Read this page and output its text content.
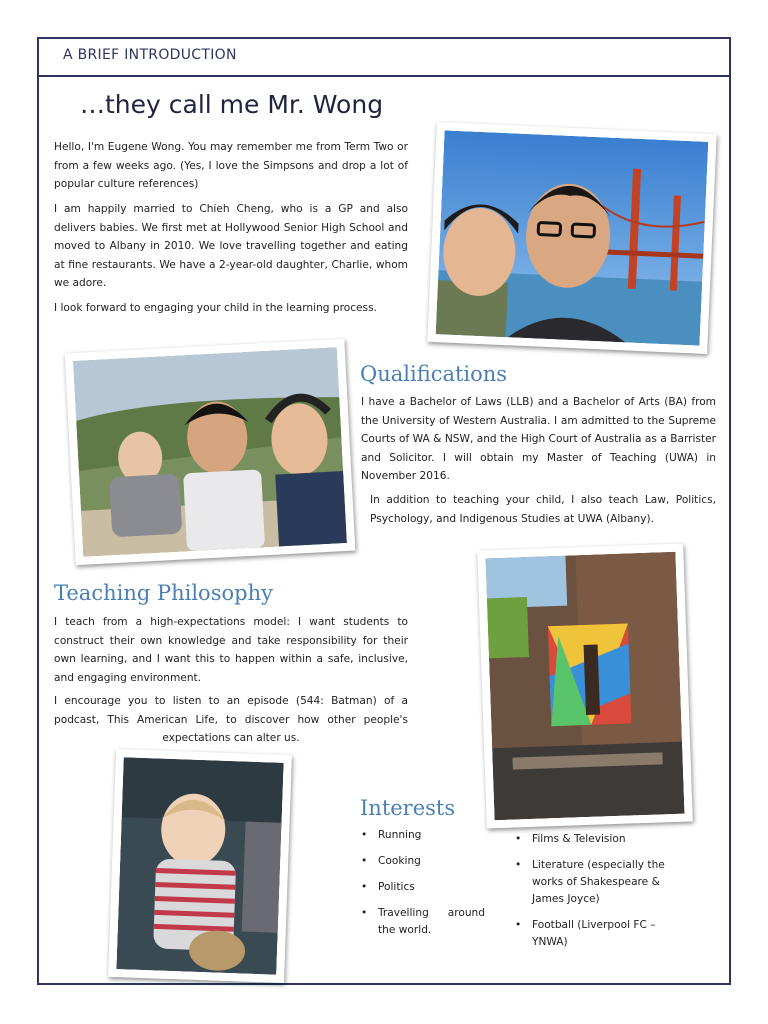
A BRIEF INTRODUCTION
…they call me Mr. Wong

Hello, I'm Eugene Wong. You may remember me from Term Two or from a few weeks ago. (Yes, I love the Simpsons and drop a lot of popular culture references)

I am happily married to Chieh Cheng, who is a GP and also delivers babies. We first met at Hollywood Senior High School and moved to Albany in 2010. We love travelling together and eating at fine restaurants. We have a 2-year-old daughter, Charlie, whom we adore.

I look forward to engaging your child in the learning process.

Qualifications

I have a Bachelor of Laws (LLB) and a Bachelor of Arts (BA) from the University of Western Australia. I am admitted to the Supreme Courts of WA & NSW, and the High Court of Australia as a Barrister and Solicitor. I will obtain my Master of Teaching (UWA) in November 2016.

In addition to teaching your child, I also teach Law, Politics, Psychology, and Indigenous Studies at UWA (Albany).

Teaching Philosophy

I teach from a high-expectations model: I want students to construct their own knowledge and take responsibility for their own learning, and I want this to happen within a safe, inclusive, and engaging environment.

I encourage you to listen to an episode (544: Batman) of a podcast, This American Life, to discover how other people's

expectations can alter us.

Interests
• Running
• Cooking
• Politics
• Travelling around the world.
• Films & Television
• Literature (especially the works of Shakespeare & James Joyce)
• Football (Liverpool FC – YNWA)
